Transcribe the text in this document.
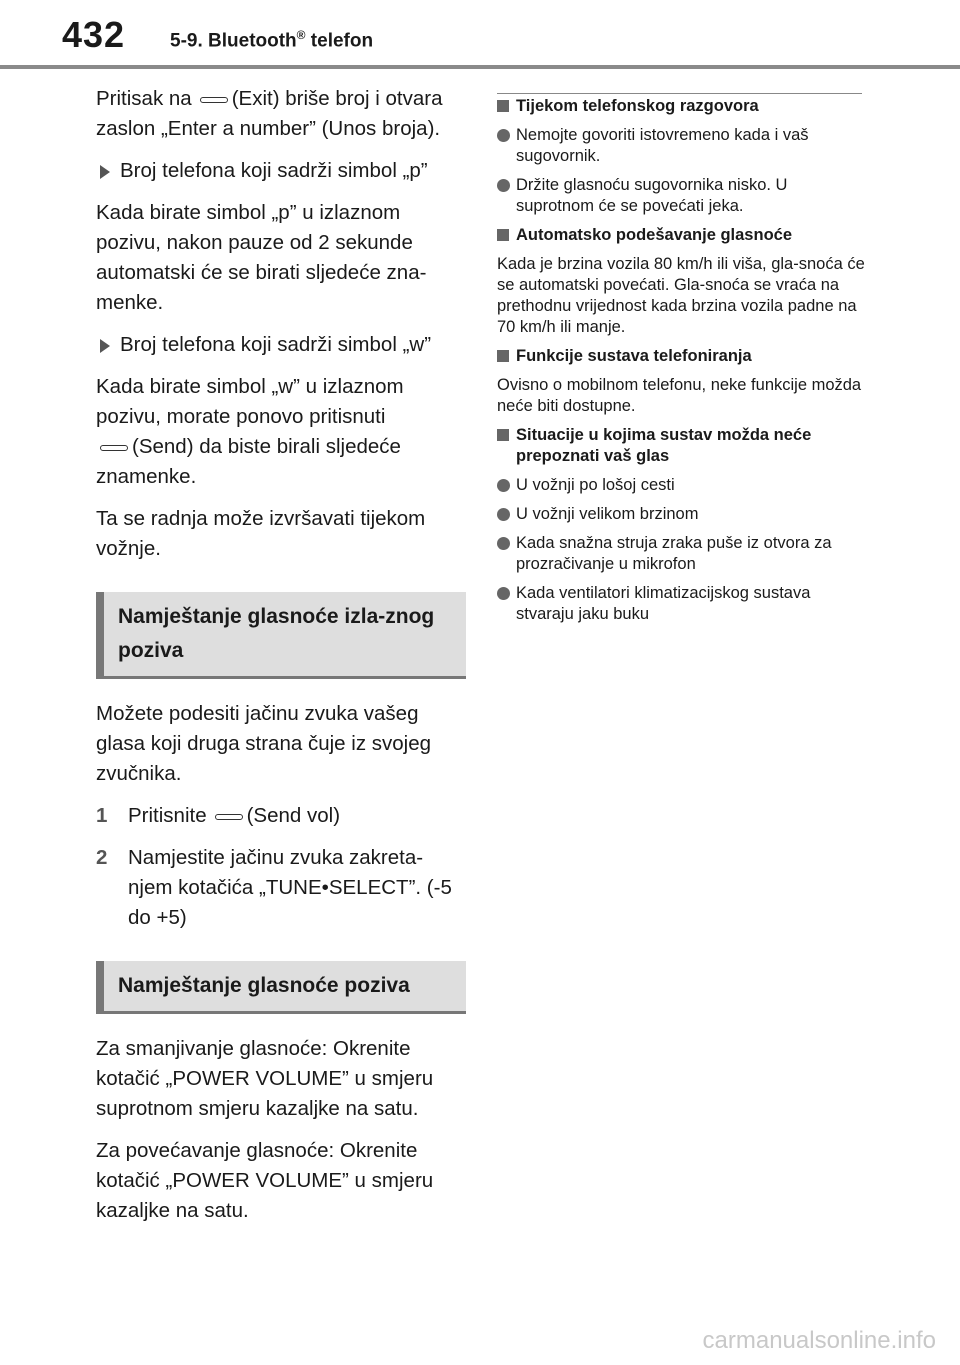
432 5-9. Bluetooth® telefon

Pritisak na (Exit) briše broj i otvara zaslon „Enter a number” (Unos broja).

Broj telefona koji sadrži simbol „p”

Kada birate simbol „p” u izlaznom pozivu, nakon pauze od 2 sekunde automatski će se birati sljedeće zna-menke.

Broj telefona koji sadrži simbol „w”

Kada birate simbol „w” u izlaznom pozivu, morate ponovo pritisnuti
(Send) da biste birali sljedeće znamenke.

Ta se radnja može izvršavati tijekom vožnje.

Namještanje glasnoće izla-znog poziva

Možete podesiti jačinu zvuka vašeg glasa koji druga strana čuje iz svojeg zvučnika.

1 Pritisnite (Send vol)
2 Namjestite jačinu zvuka zakreta-njem kotačića „TUNE•SELECT”. (-5 do +5)
Namještanje glasnoće poziva

Za smanjivanje glasnoće: Okrenite kotačić „POWER VOLUME” u smjeru suprotnom smjeru kazaljke na satu.

Za povećavanje glasnoće: Okrenite kotačić „POWER VOLUME” u smjeru kazaljke na satu.

Tijekom telefonskog razgovora
Nemojte govoriti istovremeno kada i vaš sugovornik.
Držite glasnoću sugovornika nisko. U suprotnom će se povećati jeka.
Automatsko podešavanje glasnoće

Kada je brzina vozila 80 km/h ili viša, gla-snoća će se automatski povećati. Gla-snoća se vraća na prethodnu vrijednost kada brzina vozila padne na 70 km/h ili manje.

Funkcije sustava telefoniranja

Ovisno o mobilnom telefonu, neke funkcije možda neće biti dostupne.

Situacije u kojima sustav možda neće prepoznati vaš glas
U vožnji po lošoj cesti
U vožnji velikom brzinom
Kada snažna struja zraka puše iz otvora za prozračivanje u mikrofon
Kada ventilatori klimatizacijskog sustava stvaraju jaku buku
carmanualsonline.info
